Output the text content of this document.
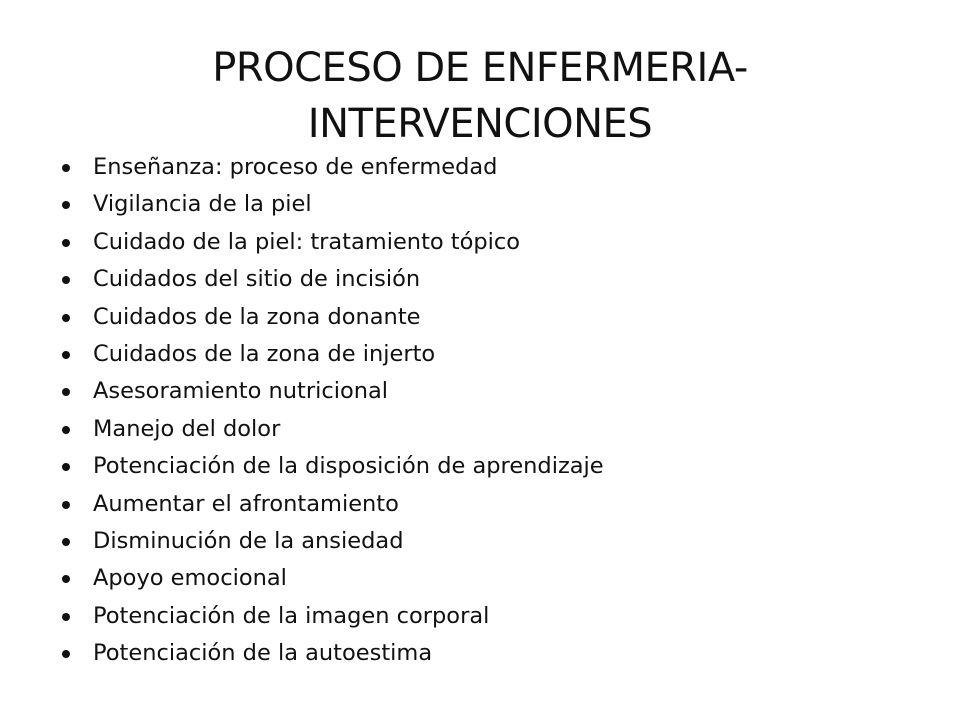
PROCESO DE ENFERMERIA-
INTERVENCIONES
Enseñanza: proceso de enfermedad
Vigilancia de la piel
Cuidado de la piel: tratamiento tópico
Cuidados del sitio de incisión
Cuidados de la zona donante
Cuidados de la zona de injerto
Asesoramiento nutricional
Manejo del dolor
Potenciación de la disposición de aprendizaje
Aumentar el afrontamiento
Disminución de la ansiedad
Apoyo emocional
Potenciación de la imagen corporal
Potenciación de la autoestima
